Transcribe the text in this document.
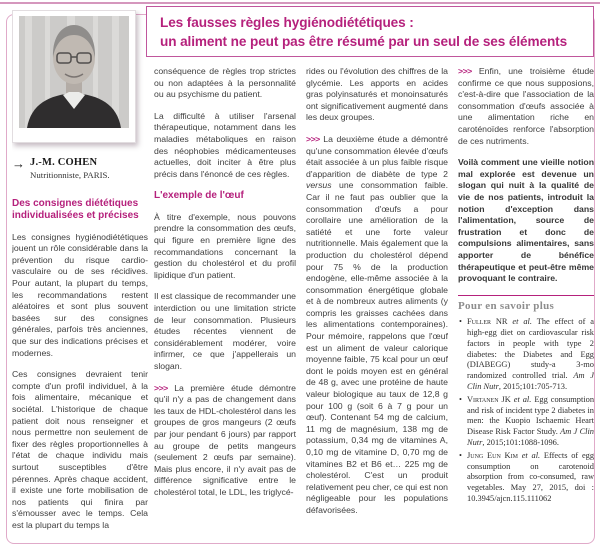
Les fausses règles hygiénodiététiques :
un aliment ne peut pas être résumé par un seul de ses éléments
→ J.-M. COHEN
Nutritionniste, PARIS.
Des consignes diététiques individualisées et précises

Les consignes hygiénodiététiques jouent un rôle considérable dans la prévention du risque cardio-vasculaire ou de ses récidives. Pour autant, la plupart du temps, les recommandations restent aléatoires et sont plus souvent basées sur des consignes générales, parfois très anciennes, que sur des indications précises et modernes.

Ces consignes devraient tenir compte d'un profil individuel, à la fois alimentaire, mécanique et sociétal. L'historique de chaque patient doit nous renseigner et nous permettre non seulement de fixer des règles proportionnelles à l'état de chaque individu mais surtout susceptibles d'être pérennes. Après chaque accident, il existe une forte mobilisation de nos patients qui finira par s'émousser avec le temps. Cela est la plupart du temps la

conséquence de règles trop strictes ou non adaptées à la personnalité ou au psychisme du patient.

La difficulté à utiliser l'arsenal thérapeutique, notamment dans les maladies métaboliques en raison des néophobies médicamenteuses actuelles, doit inciter à être plus précis dans l'énoncé de ces règles.

L'exemple de l'œuf

À titre d'exemple, nous pouvons prendre la consommation des œufs, qui figure en première ligne des recommandations concernant la gestion du cholestérol et du profil lipidique d'un patient.

Il est classique de recommander une interdiction ou une limitation stricte de leur consommation. Plusieurs études récentes viennent de considérablement modérer, voire infirmer, ce que j'appellerais un slogan.

>>> La première étude démontre qu'il n'y a pas de changement dans les taux de HDL-cholestérol dans les groupes de gros mangeurs (2 œufs par jour pendant 6 jours) par rapport au groupe de petits mangeurs (seulement 2 œufs par semaine). Mais plus encore, il n'y avait pas de différence significative entre le cholestérol total, le LDL, les triglycé-

rides ou l'évolution des chiffres de la glycémie. Les apports en acides gras polyinsaturés et monoinsaturés ont significativement augmenté dans les deux groupes.

>>> La deuxième étude a démontré qu'une consommation élevée d'œufs était associée à un plus faible risque d'apparition de diabète de type 2 versus une consommation faible. Car il ne faut pas oublier que la consommation d'œufs a pour corollaire une amélioration de la satiété et une forte valeur nutritionnelle. Mais également que la production du cholestérol dépend pour 75 % de la production endogène, elle-même associée à la consommation énergétique globale et à de nombreux autres aliments (y compris les graisses cachées dans les alimentations contemporaines). Pour mémoire, rappelons que l'œuf est un aliment de valeur calorique moyenne faible, 75 kcal pour un œuf dont le poids moyen est en général de 48 g, avec une protéine de haute valeur biologique au taux de 12,8 g pour 100 g (soit 6 à 7 g pour un œuf). Contenant 54 mg de calcium, 11 mg de magnésium, 138 mg de potassium, 0,34 mg de vitamines A, 0,10 mg de vitamine D, 0,70 mg de vitamines B2 et B6 et… 225 mg de cholestérol. C'est un produit relativement peu cher, ce qui est non négligeable pour les populations défavorisées.

>>> Enfin, une troisième étude confirme ce que nous supposions, c'est-à-dire que l'association de la consommation d'œufs associée à une alimentation riche en caroténoïdes renforce l'absorption de ces nutriments.

Voilà comment une vieille notion mal explorée est devenue un slogan qui nuit à la qualité de vie de nos patients, introduit la notion d'exception dans l'alimentation, source de frustration et donc de compulsions alimentaires, sans apporter de bénéfice thérapeutique et peut-être même provoquant le contraire.

Pour en savoir plus
• Fuller NR et al. The effect of a high-egg diet on cardiovascular risk factors in people with type 2 diabetes: the Diabetes and Egg (DIABEGG) study-a 3-mo randomized controlled trial. Am J Clin Nutr, 2015;101:705-713.
• Virtanen JK et al. Egg consumption and risk of incident type 2 diabetes in men: the Kuopio Ischaemic Heart Disease Risk Factor Study. Am J Clin Nutr, 2015;101:1088-1096.
• Jung Eun Kim et al. Effects of egg consumption on carotenoid absorption from co-consumed, raw vegetables. May 27, 2015, doi : 10.3945/ajcn.115.111062
